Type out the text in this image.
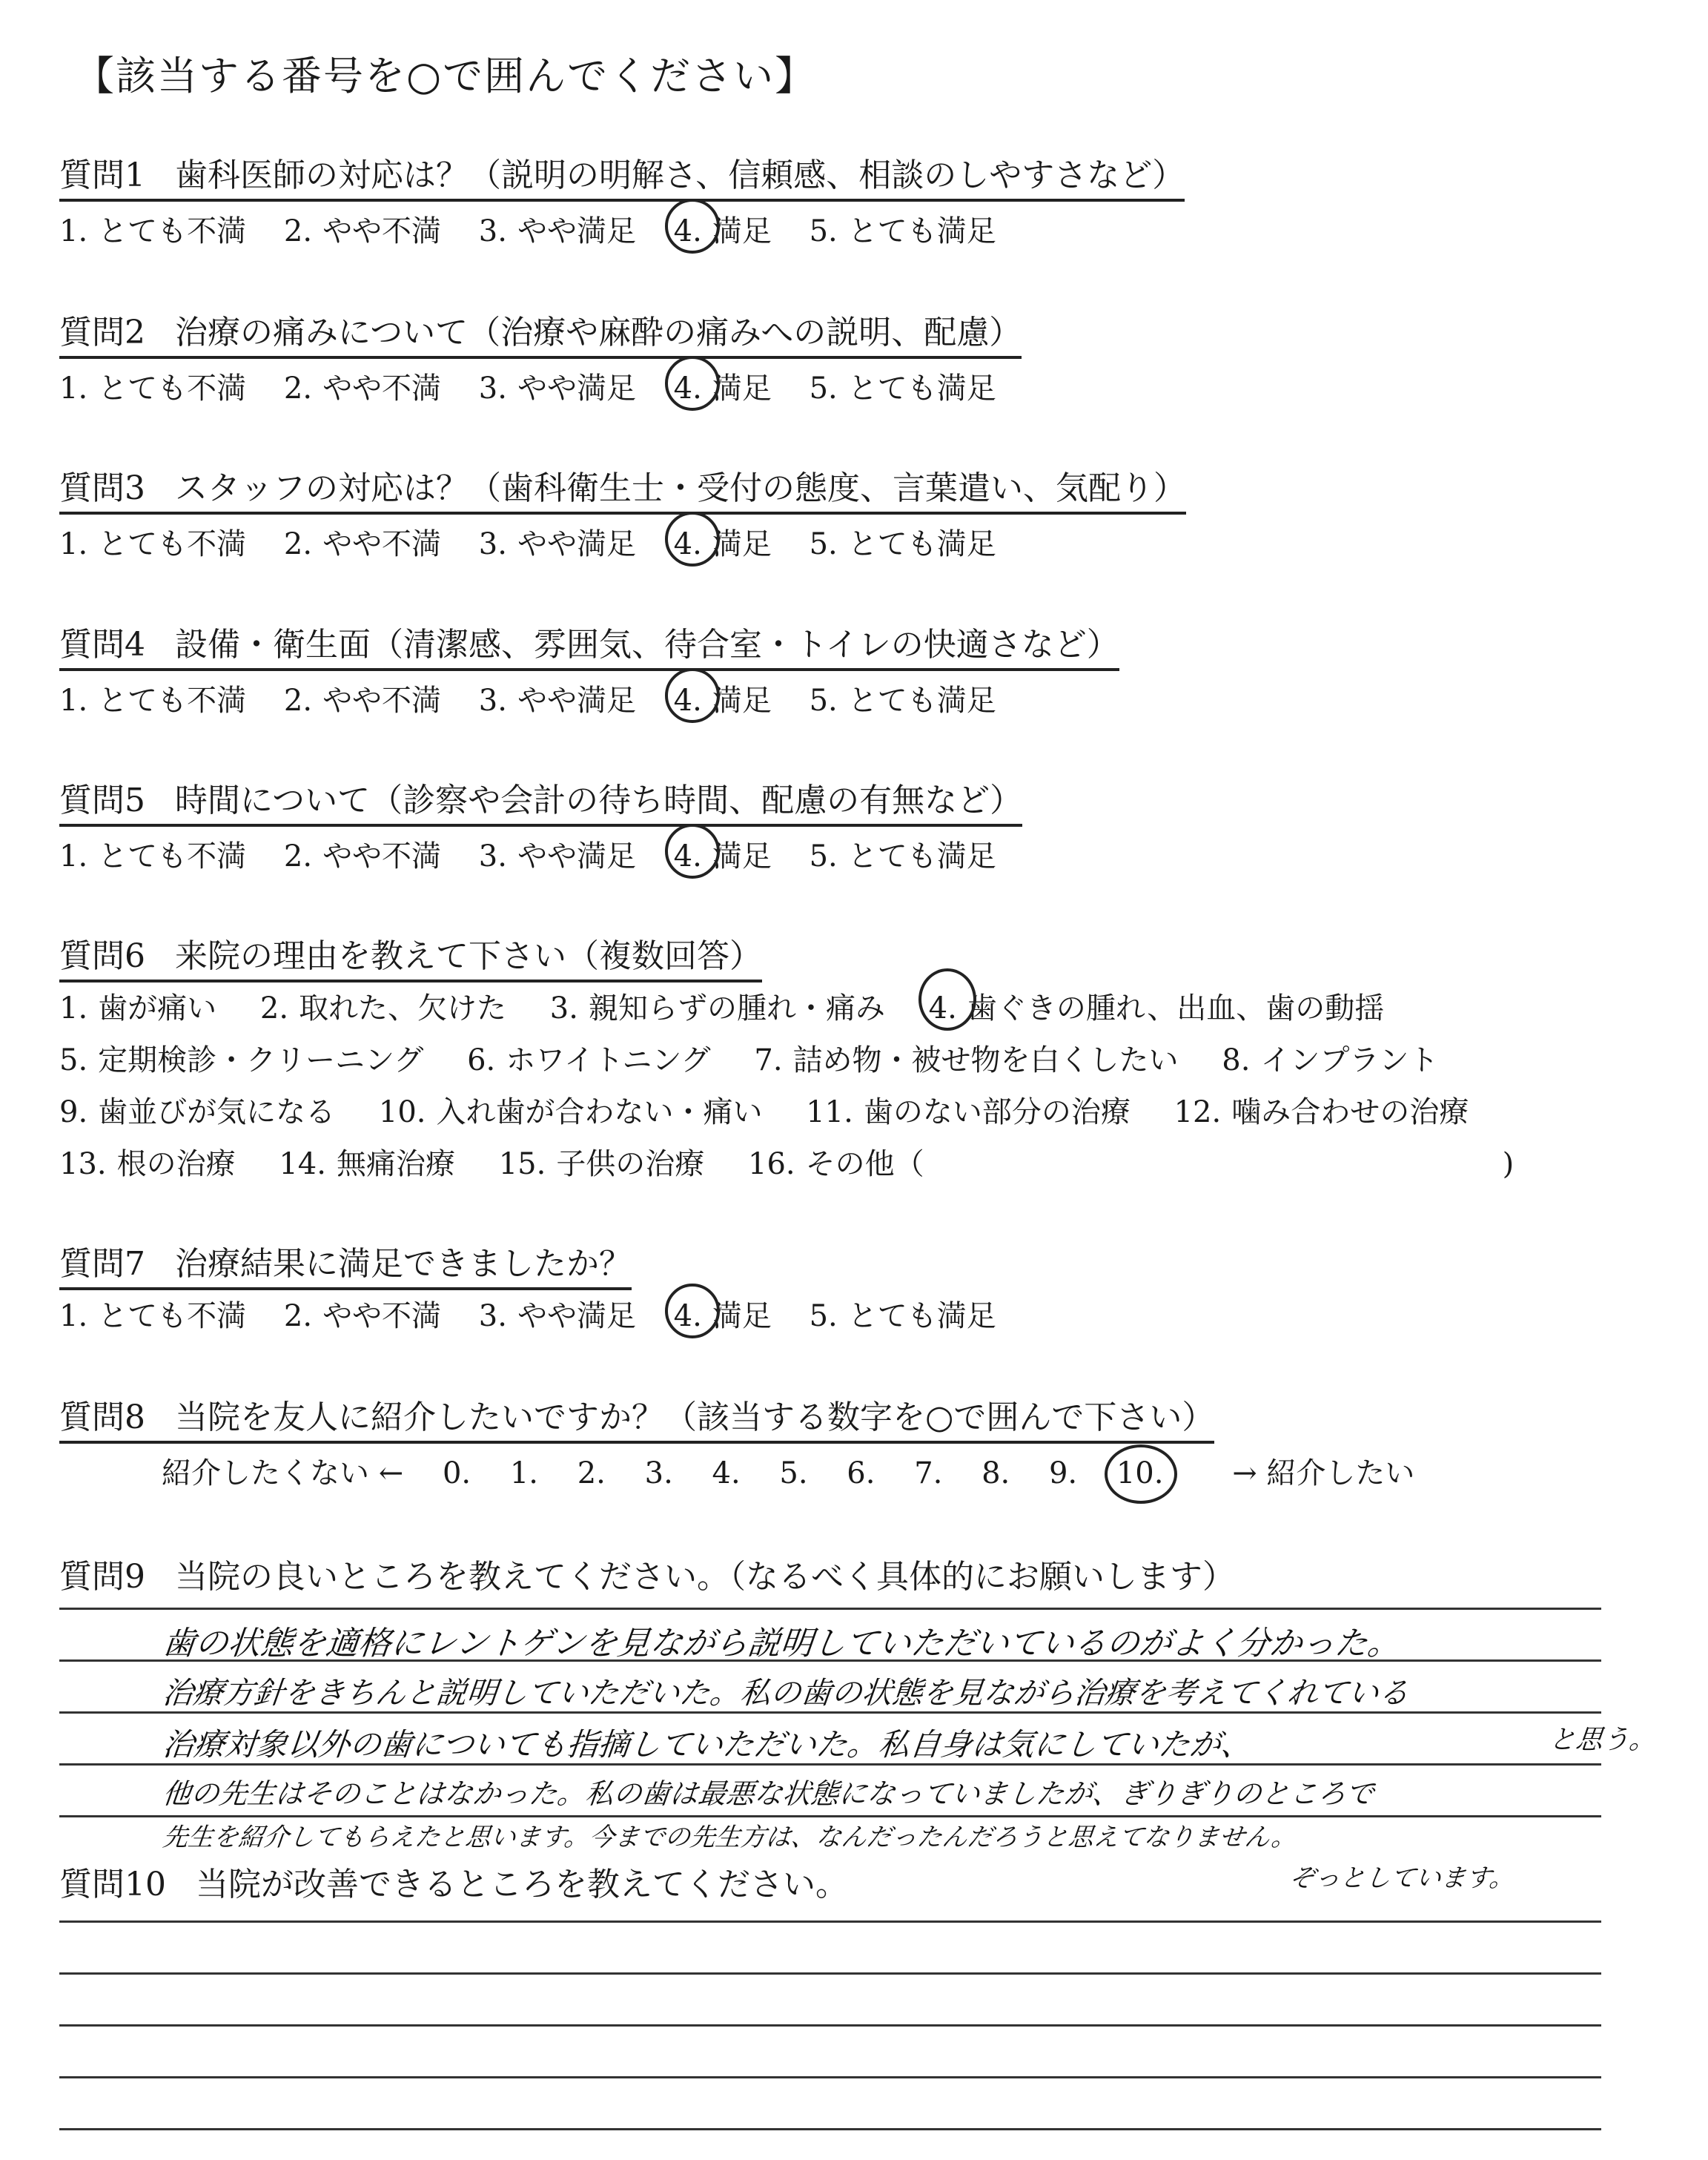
【該当する番号を○で囲んでください】
質問1 歯科医師の対応は？（説明の明解さ、信頼感、相談のしやすさなど）
1. とても不満 2. やや不満 3. やや満足 4. 満足 5. とても満足
質問2 治療の痛みについて（治療や麻酔の痛みへの説明、配慮）
1. とても不満 2. やや不満 3. やや満足 4. 満足 5. とても満足
質問3 スタッフの対応は？（歯科衛生士・受付の態度、言葉遣い、気配り）
1. とても不満 2. やや不満 3. やや満足 4. 満足 5. とても満足
質問4 設備・衛生面（清潔感、雰囲気、待合室・トイレの快適さなど）
1. とても不満 2. やや不満 3. やや満足 4. 満足 5. とても満足
質問5 時間について（診察や会計の待ち時間、配慮の有無など）
1. とても不満 2. やや不満 3. やや満足 4. 満足 5. とても満足
質問6 来院の理由を教えて下さい（複数回答）
1. 歯が痛い 2. 取れた、欠けた 3. 親知らずの腫れ・痛み 4. 歯ぐきの腫れ、出血、歯の動揺
5. 定期検診・クリーニング 6. ホワイトニング 7. 詰め物・被せ物を白くしたい 8. インプラント
9. 歯並びが気になる 10. 入れ歯が合わない・痛い 11. 歯のない部分の治療 12. 噛み合わせの治療
13. 根の治療 14. 無痛治療 15. 子供の治療 16. その他（	)
質問7 治療結果に満足できましたか？
1. とても不満 2. やや不満 3. やや満足 4. 満足 5. とても満足
質問8 当院を友人に紹介したいですか？（該当する数字を○で囲んで下さい）
紹介したくない ← 0. 1. 2. 3. 4. 5. 6. 7. 8. 9. 10. → 紹介したい
質問9 当院の良いところを教えてください。（なるべく具体的にお願いします）
歯の状態を適格にレントゲンを見ながら説明していただいているのがよく分かった。
治療方針をきちんと説明していただいた。私の歯の状態を見ながら治療を考えてくれている
治療対象以外の歯についても指摘していただいた。私自身は気にしていたが、	と思う。
他の先生はそのことはなかった。私の歯は最悪な状態になっていましたが、ぎりぎりのところで
先生を紹介してもらえたと思います。今までの先生方は、なんだったんだろうと思えてなりません。
ぞっとしています。
質問10 当院が改善できるところを教えてください。
